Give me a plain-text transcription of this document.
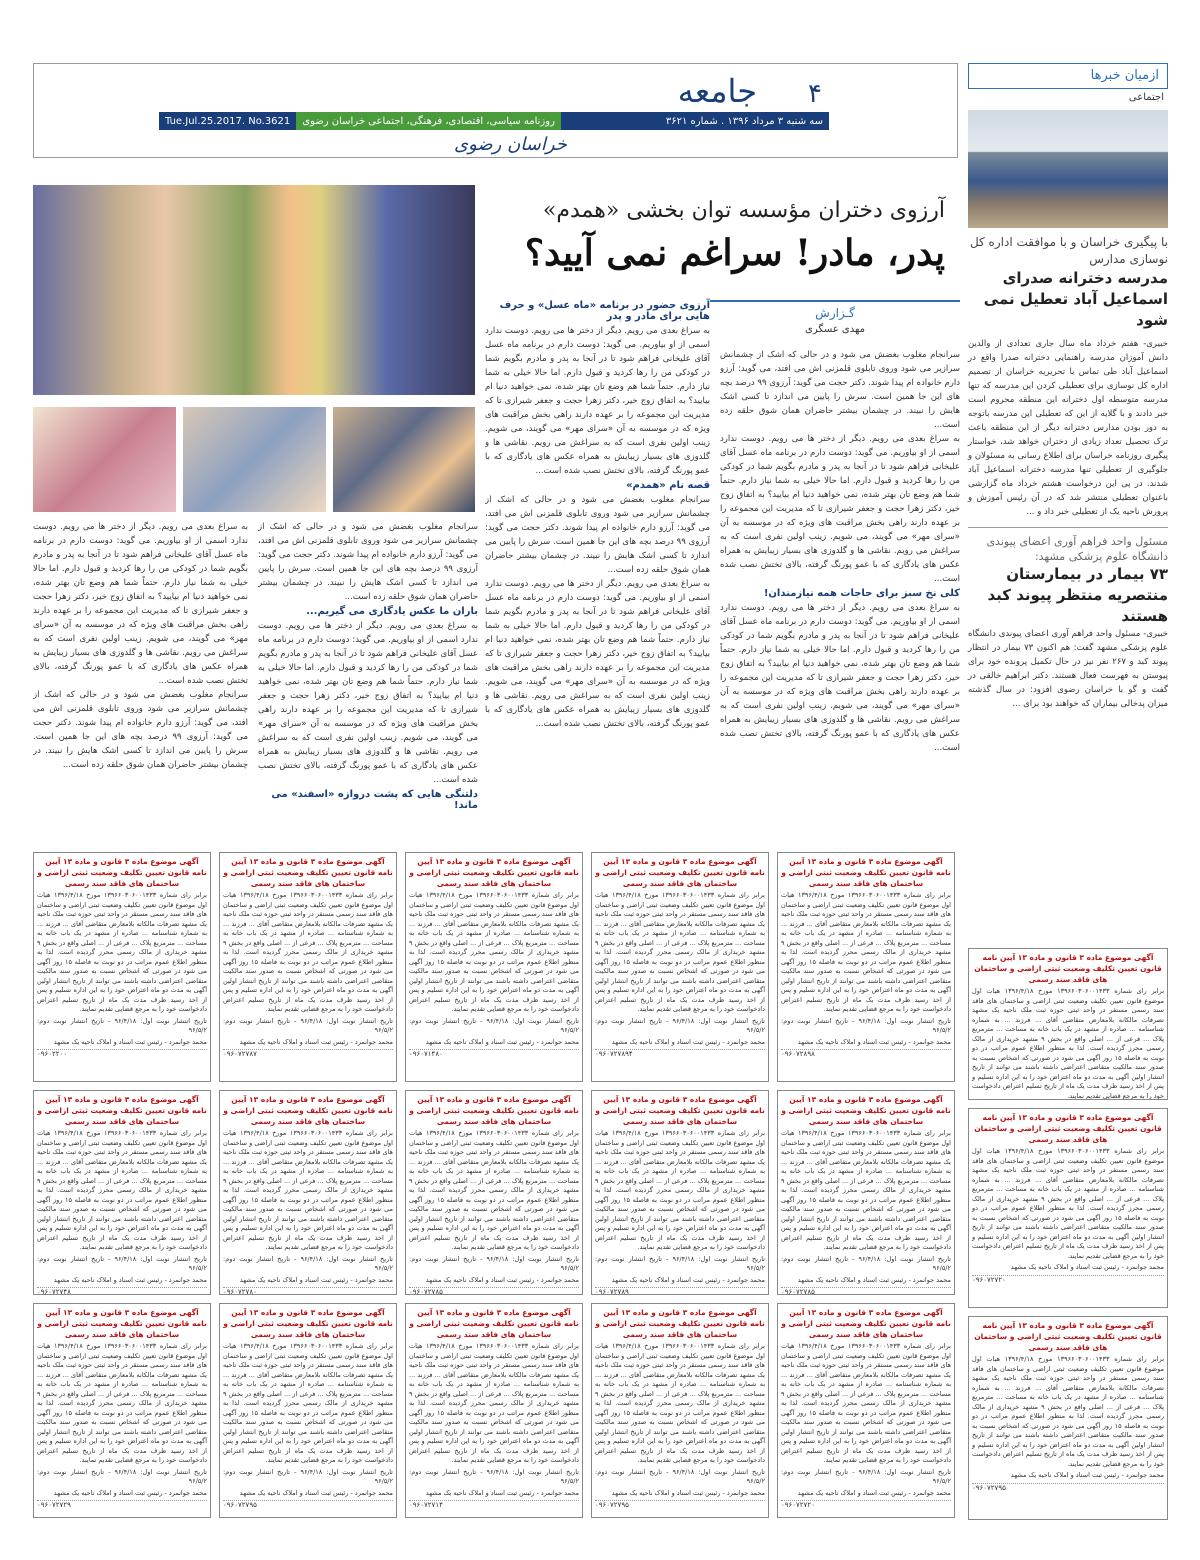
۴
جامعه
Tue.Jul.25.2017. No.3621	روزنامه سیاسی، اقتصادی، فرهنگی، اجتماعی خراسان رضوی	سه شنبه ۳ مرداد ۱۳۹۶ . شماره ۳۶۲۱
خراسان رضوی
ازمیان خبرها
اجتماعی
با پیگیری خراسان و با موافقت اداره کل نوسازی مدارس
مدرسه دخترانه صدرای اسماعیل آباد تعطیل نمی شود
خبیری- هفتم خرداد ماه سال جاری تعدادی از والدین دانش آموزان مدرسه راهنمایی دخترانه صدرا واقع در اسماعیل آباد طی تماس با تحریریه خراسان از تصمیم اداره کل نوسازی برای تعطیلی کردن این مدرسه که تنها مدرسه متوسطه اول دخترانه این منطقه محروم است خبر دادند و با گلایه از این که تعطیلی این مدرسه باتوجه به دور بودن مدارس دخترانه دیگر از این منطقه باعث ترک تحصیل تعداد زیادی از دختران خواهد شد، خواستار پیگیری روزنامه خراسان برای اطلاع رسانی به مسئولان و جلوگیری از تعطیلی تنها مدرسه دخترانه اسماعیل آباد شدند. در پی این درخواست هشتم خرداد ماه گزارشی باعنوان تعطیلی منتشر شد که در آن رئیس آموزش و پرورش ناحیه یک از تعطیلی خبر داد و ...
مسئول واحد فراهم آوری اعضای پیوندی دانشگاه علوم پزشکی مشهد:
۷۳ بیمار در بیمارستان منتصریه منتظر پیوند کبد هستند
خبیری- مسئول واحد فراهم آوری اعضای پیوندی دانشگاه علوم پزشکی مشهد گفت: هم اکنون ۷۳ بیمار در انتظار پیوند کبد و ۲۶۷ نفر نیز در حال تکمیل پرونده خود برای پیوستن به فهرست فعال هستند. دکتر ابراهیم خالقی در گفت و گو با خراسان رضوی افزود: در سال گذشته میزان پدخالی بیماران که خواهند بود برای ...
آرزوی دختران مؤسسه توان بخشی «همدم»
پدر، مادر! سراغم نمی آیید؟
گـزارش
مهدی عسگری
سرانجام مغلوب بغضش می شود و در حالی که اشک از چشمانش سرازیر می شود وروی تابلوی قلمزنی اش می افتد، می گوید: آرزو دارم خانواده ام پیدا شوند. دکتر حجت می گوید: آرزوی ۹۹ درصد بچه های این جا همین است. سرش را پایین می اندازد تا کسی اشک هایش را نبیند. در چشمان بیشتر حاضران همان شوق حلقه زده است...
به سراغ بعدی می رویم. دیگر از دختر ها می رویم. دوست ندارد اسمی از او بیاوریم. می گوید: دوست دارم در برنامه ماه عسل آقای علیخانی فراهم شود تا در آنجا به پدر و مادرم بگویم شما در کودکی من را رها کردید و قبول دارم. اما حالا خیلی به شما نیاز دارم. حتماً شما هم وضع تان بهتر شده، نمی خواهید دنیا ام بیایید؟ به اتفاق زوج خیر، دکتر زهرا حجت و جعفر شیرازی تا که مدیریت این مجموعه را بر عهده دارند راهی بخش مراقبت های ویژه که در موسسه به آن «سرای مهر» می گویند، می شویم. زینب اولین نفری است که به سراغش می رویم. نقاشی ها و گلدوزی های بسیار زیبایش به همراه عکس های یادگاری که با عمو پورنگ گرفته، بالای تختش نصب شده است...
کلی نخ سبز برای حاجات همه نیازمندان!
به سراغ بعدی می رویم. دیگر از دختر ها می رویم. دوست ندارد اسمی از او بیاوریم. می گوید: دوست دارم در برنامه ماه عسل آقای علیخانی فراهم شود تا در آنجا به پدر و مادرم بگویم شما در کودکی من را رها کردید و قبول دارم. اما حالا خیلی به شما نیاز دارم. حتماً شما هم وضع تان بهتر شده، نمی خواهید دنیا ام بیایید؟ به اتفاق زوج خیر، دکتر زهرا حجت و جعفر شیرازی تا که مدیریت این مجموعه را بر عهده دارند راهی بخش مراقبت های ویژه که در موسسه به آن «سرای مهر» می گویند، می شویم. زینب اولین نفری است که به سراغش می رویم. نقاشی ها و گلدوزی های بسیار زیبایش به همراه عکس های یادگاری که با عمو پورنگ گرفته، بالای تختش نصب شده است...
آرزوی حضور در برنامه «ماه عسل» و حرف هایی برای مادر و پدر
به سراغ بعدی می رویم. دیگر از دختر ها می رویم. دوست ندارد اسمی از او بیاوریم. می گوید: دوست دارم در برنامه ماه عسل آقای علیخانی فراهم شود تا در آنجا به پدر و مادرم بگویم شما در کودکی من را رها کردید و قبول دارم. اما حالا خیلی به شما نیاز دارم. حتماً شما هم وضع تان بهتر شده، نمی خواهید دنیا ام بیایید؟ به اتفاق زوج خیر، دکتر زهرا حجت و جعفر شیرازی تا که مدیریت این مجموعه را بر عهده دارند راهی بخش مراقبت های ویژه که در موسسه به آن «سرای مهر» می گویند، می شویم. زینب اولین نفری است که به سراغش می رویم. نقاشی ها و گلدوزی های بسیار زیبایش به همراه عکس های یادگاری که با عمو پورنگ گرفته، بالای تختش نصب شده است...
قصه نام «همدم»
سرانجام مغلوب بغضش می شود و در حالی که اشک از چشمانش سرازیر می شود وروی تابلوی قلمزنی اش می افتد، می گوید: آرزو دارم خانواده ام پیدا شوند. دکتر حجت می گوید: آرزوی ۹۹ درصد بچه های این جا همین است. سرش را پایین می اندازد تا کسی اشک هایش را نبیند. در چشمان بیشتر حاضران همان شوق حلقه زده است...
به سراغ بعدی می رویم. دیگر از دختر ها می رویم. دوست ندارد اسمی از او بیاوریم. می گوید: دوست دارم در برنامه ماه عسل آقای علیخانی فراهم شود تا در آنجا به پدر و مادرم بگویم شما در کودکی من را رها کردید و قبول دارم. اما حالا خیلی به شما نیاز دارم. حتماً شما هم وضع تان بهتر شده، نمی خواهید دنیا ام بیایید؟ به اتفاق زوج خیر، دکتر زهرا حجت و جعفر شیرازی تا که مدیریت این مجموعه را بر عهده دارند راهی بخش مراقبت های ویژه که در موسسه به آن «سرای مهر» می گویند، می شویم. زینب اولین نفری است که به سراغش می رویم. نقاشی ها و گلدوزی های بسیار زیبایش به همراه عکس های یادگاری که با عمو پورنگ گرفته، بالای تختش نصب شده است...
سرانجام مغلوب بغضش می شود و در حالی که اشک از چشمانش سرازیر می شود وروی تابلوی قلمزنی اش می افتد، می گوید: آرزو دارم خانواده ام پیدا شوند. دکتر حجت می گوید: آرزوی ۹۹ درصد بچه های این جا همین است. سرش را پایین می اندازد تا کسی اشک هایش را نبیند. در چشمان بیشتر حاضران همان شوق حلقه زده است...
باران ما عکس یادگاری می گیریم...
به سراغ بعدی می رویم. دیگر از دختر ها می رویم. دوست ندارد اسمی از او بیاوریم. می گوید: دوست دارم در برنامه ماه عسل آقای علیخانی فراهم شود تا در آنجا به پدر و مادرم بگویم شما در کودکی من را رها کردید و قبول دارم. اما حالا خیلی به شما نیاز دارم. حتماً شما هم وضع تان بهتر شده، نمی خواهید دنیا ام بیایید؟ به اتفاق زوج خیر، دکتر زهرا حجت و جعفر شیرازی تا که مدیریت این مجموعه را بر عهده دارند راهی بخش مراقبت های ویژه که در موسسه به آن «سرای مهر» می گویند، می شویم. زینب اولین نفری است که به سراغش می رویم. نقاشی ها و گلدوزی های بسیار زیبایش به همراه عکس های یادگاری که با عمو پورنگ گرفته، بالای تختش نصب شده است...
دلتنگی هایی که پشت دروازه «اسفند» می ماند!
به سراغ بعدی می رویم. دیگر از دختر ها می رویم. دوست ندارد اسمی از او بیاوریم. می گوید: دوست دارم در برنامه ماه عسل آقای علیخانی فراهم شود تا در آنجا به پدر و مادرم بگویم شما در کودکی من را رها کردید و قبول دارم. اما حالا خیلی به شما نیاز دارم. حتماً شما هم وضع تان بهتر شده، نمی خواهید دنیا ام بیایید؟ به اتفاق زوج خیر، دکتر زهرا حجت و جعفر شیرازی تا که مدیریت این مجموعه را بر عهده دارند راهی بخش مراقبت های ویژه که در موسسه به آن «سرای مهر» می گویند، می شویم. زینب اولین نفری است که به سراغش می رویم. نقاشی ها و گلدوزی های بسیار زیبایش به همراه عکس های یادگاری که با عمو پورنگ گرفته، بالای تختش نصب شده است...
سرانجام مغلوب بغضش می شود و در حالی که اشک از چشمانش سرازیر می شود وروی تابلوی قلمزنی اش می افتد، می گوید: آرزو دارم خانواده ام پیدا شوند. دکتر حجت می گوید: آرزوی ۹۹ درصد بچه های این جا همین است. سرش را پایین می اندازد تا کسی اشک هایش را نبیند. در چشمان بیشتر حاضران همان شوق حلقه زده است...
آگهی موضوع ماده ۳ قانون و ماده ۱۳ آیین نامه قانون تعیین تکلیف وضعیت ثبتی اراضی و ساختمان های فاقد سند رسمی
برابر رای شماره ۱۳۹۶۶۰۳۰۶۰۰۱۴۳۳ مورخ ۱۳۹۶/۴/۱۸ هیات اول موضوع قانون تعیین تکلیف وضعیت ثبتی اراضی و ساختمان های فاقد سند رسمی مستقر در واحد ثبتی حوزه ثبت ملک ناحیه یک مشهد تصرفات مالکانه بلامعارض متقاضی آقای ... فرزند ... به شماره شناسنامه ... صادره از مشهد در یک باب خانه به مساحت ... مترمربع پلاک ... فرعی از ... اصلی واقع در بخش ۹ مشهد خریداری از مالک رسمی محرز گردیده است. لذا به منظور اطلاع عموم مراتب در دو نوبت به فاصله ۱۵ روز آگهی می شود در صورتی که اشخاص نسبت به صدور سند مالکیت متقاضی اعتراضی داشته باشند می توانند از تاریخ انتشار اولین آگهی به مدت دو ماه اعتراض خود را به این اداره تسلیم و پس از اخذ رسید ظرف مدت یک ماه از تاریخ تسلیم اعتراض دادخواست خود را به مرجع قضایی تقدیم نمایند.
تاریخ انتشار نوبت اول: ۹۶/۴/۱۸ - تاریخ انتشار نوبت دوم: ۹۶/۵/۲
محمد جوانمرد - رئیس ثبت اسناد و املاک ناحیه یک مشهد
۰۹۶۰۲۲۰۰
آگهی موضوع ماده ۳ قانون و ماده ۱۳ آیین نامه قانون تعیین تکلیف وضعیت ثبتی اراضی و ساختمان های فاقد سند رسمی
برابر رای شماره ۱۳۹۶۶۰۳۰۶۰۰۱۴۳۳ مورخ ۱۳۹۶/۴/۱۸ هیات اول موضوع قانون تعیین تکلیف وضعیت ثبتی اراضی و ساختمان های فاقد سند رسمی مستقر در واحد ثبتی حوزه ثبت ملک ناحیه یک مشهد تصرفات مالکانه بلامعارض متقاضی آقای ... فرزند ... به شماره شناسنامه ... صادره از مشهد در یک باب خانه به مساحت ... مترمربع پلاک ... فرعی از ... اصلی واقع در بخش ۹ مشهد خریداری از مالک رسمی محرز گردیده است. لذا به منظور اطلاع عموم مراتب در دو نوبت به فاصله ۱۵ روز آگهی می شود در صورتی که اشخاص نسبت به صدور سند مالکیت متقاضی اعتراضی داشته باشند می توانند از تاریخ انتشار اولین آگهی به مدت دو ماه اعتراض خود را به این اداره تسلیم و پس از اخذ رسید ظرف مدت یک ماه از تاریخ تسلیم اعتراض دادخواست خود را به مرجع قضایی تقدیم نمایند.
تاریخ انتشار نوبت اول: ۹۶/۴/۱۸ - تاریخ انتشار نوبت دوم: ۹۶/۵/۲
محمد جوانمرد - رئیس ثبت اسناد و املاک ناحیه یک مشهد
۰۹۶۰۷۲۷۸۷
آگهی موضوع ماده ۳ قانون و ماده ۱۳ آیین نامه قانون تعیین تکلیف وضعیت ثبتی اراضی و ساختمان های فاقد سند رسمی
برابر رای شماره ۱۳۹۶۶۰۳۰۶۰۰۱۴۳۳ مورخ ۱۳۹۶/۴/۱۸ هیات اول موضوع قانون تعیین تکلیف وضعیت ثبتی اراضی و ساختمان های فاقد سند رسمی مستقر در واحد ثبتی حوزه ثبت ملک ناحیه یک مشهد تصرفات مالکانه بلامعارض متقاضی آقای ... فرزند ... به شماره شناسنامه ... صادره از مشهد در یک باب خانه به مساحت ... مترمربع پلاک ... فرعی از ... اصلی واقع در بخش ۹ مشهد خریداری از مالک رسمی محرز گردیده است. لذا به منظور اطلاع عموم مراتب در دو نوبت به فاصله ۱۵ روز آگهی می شود در صورتی که اشخاص نسبت به صدور سند مالکیت متقاضی اعتراضی داشته باشند می توانند از تاریخ انتشار اولین آگهی به مدت دو ماه اعتراض خود را به این اداره تسلیم و پس از اخذ رسید ظرف مدت یک ماه از تاریخ تسلیم اعتراض دادخواست خود را به مرجع قضایی تقدیم نمایند.
تاریخ انتشار نوبت اول: ۹۶/۴/۱۸ - تاریخ انتشار نوبت دوم: ۹۶/۵/۲
محمد جوانمرد - رئیس ثبت اسناد و املاک ناحیه یک مشهد
۰۹۶۰۷۱۴۸۰
آگهی موضوع ماده ۳ قانون و ماده ۱۳ آیین نامه قانون تعیین تکلیف وضعیت ثبتی اراضی و ساختمان های فاقد سند رسمی
برابر رای شماره ۱۳۹۶۶۰۳۰۶۰۰۱۴۳۳ مورخ ۱۳۹۶/۴/۱۸ هیات اول موضوع قانون تعیین تکلیف وضعیت ثبتی اراضی و ساختمان های فاقد سند رسمی مستقر در واحد ثبتی حوزه ثبت ملک ناحیه یک مشهد تصرفات مالکانه بلامعارض متقاضی آقای ... فرزند ... به شماره شناسنامه ... صادره از مشهد در یک باب خانه به مساحت ... مترمربع پلاک ... فرعی از ... اصلی واقع در بخش ۹ مشهد خریداری از مالک رسمی محرز گردیده است. لذا به منظور اطلاع عموم مراتب در دو نوبت به فاصله ۱۵ روز آگهی می شود در صورتی که اشخاص نسبت به صدور سند مالکیت متقاضی اعتراضی داشته باشند می توانند از تاریخ انتشار اولین آگهی به مدت دو ماه اعتراض خود را به این اداره تسلیم و پس از اخذ رسید ظرف مدت یک ماه از تاریخ تسلیم اعتراض دادخواست خود را به مرجع قضایی تقدیم نمایند.
تاریخ انتشار نوبت اول: ۹۶/۴/۱۸ - تاریخ انتشار نوبت دوم: ۹۶/۵/۲
محمد جوانمرد - رئیس ثبت اسناد و املاک ناحیه یک مشهد
۰۹۶۰۷۲۷۸۹۴
آگهی موضوع ماده ۳ قانون و ماده ۱۳ آیین نامه قانون تعیین تکلیف وضعیت ثبتی اراضی و ساختمان های فاقد سند رسمی
برابر رای شماره ۱۳۹۶۶۰۳۰۶۰۰۱۴۳۳ مورخ ۱۳۹۶/۴/۱۸ هیات اول موضوع قانون تعیین تکلیف وضعیت ثبتی اراضی و ساختمان های فاقد سند رسمی مستقر در واحد ثبتی حوزه ثبت ملک ناحیه یک مشهد تصرفات مالکانه بلامعارض متقاضی آقای ... فرزند ... به شماره شناسنامه ... صادره از مشهد در یک باب خانه به مساحت ... مترمربع پلاک ... فرعی از ... اصلی واقع در بخش ۹ مشهد خریداری از مالک رسمی محرز گردیده است. لذا به منظور اطلاع عموم مراتب در دو نوبت به فاصله ۱۵ روز آگهی می شود در صورتی که اشخاص نسبت به صدور سند مالکیت متقاضی اعتراضی داشته باشند می توانند از تاریخ انتشار اولین آگهی به مدت دو ماه اعتراض خود را به این اداره تسلیم و پس از اخذ رسید ظرف مدت یک ماه از تاریخ تسلیم اعتراض دادخواست خود را به مرجع قضایی تقدیم نمایند.
تاریخ انتشار نوبت اول: ۹۶/۴/۱۸ - تاریخ انتشار نوبت دوم: ۹۶/۵/۲
محمد جوانمرد - رئیس ثبت اسناد و املاک ناحیه یک مشهد
۰۹۶۰۷۲۸۹۸
آگهی موضوع ماده ۳ قانون و ماده ۱۳ آیین نامه قانون تعیین تکلیف وضعیت ثبتی اراضی و ساختمان های فاقد سند رسمی
برابر رای شماره ۱۳۹۶۶۰۳۰۶۰۰۱۴۳۳ مورخ ۱۳۹۶/۴/۱۸ هیات اول موضوع قانون تعیین تکلیف وضعیت ثبتی اراضی و ساختمان های فاقد سند رسمی مستقر در واحد ثبتی حوزه ثبت ملک ناحیه یک مشهد تصرفات مالکانه بلامعارض متقاضی آقای ... فرزند ... به شماره شناسنامه ... صادره از مشهد در یک باب خانه به مساحت ... مترمربع پلاک ... فرعی از ... اصلی واقع در بخش ۹ مشهد خریداری از مالک رسمی محرز گردیده است. لذا به منظور اطلاع عموم مراتب در دو نوبت به فاصله ۱۵ روز آگهی می شود در صورتی که اشخاص نسبت به صدور سند مالکیت متقاضی اعتراضی داشته باشند می توانند از تاریخ انتشار اولین آگهی به مدت دو ماه اعتراض خود را به این اداره تسلیم و پس از اخذ رسید ظرف مدت یک ماه از تاریخ تسلیم اعتراض دادخواست خود را به مرجع قضایی تقدیم نمایند.
تاریخ انتشار نوبت اول: ۹۶/۴/۱۸ - تاریخ انتشار نوبت دوم: ۹۶/۵/۲
محمد جوانمرد - رئیس ثبت اسناد و املاک ناحیه یک مشهد
۰۹۶۰۷۲۷۴۸
آگهی موضوع ماده ۳ قانون و ماده ۱۳ آیین نامه قانون تعیین تکلیف وضعیت ثبتی اراضی و ساختمان های فاقد سند رسمی
برابر رای شماره ۱۳۹۶۶۰۳۰۶۰۰۱۴۳۳ مورخ ۱۳۹۶/۴/۱۸ هیات اول موضوع قانون تعیین تکلیف وضعیت ثبتی اراضی و ساختمان های فاقد سند رسمی مستقر در واحد ثبتی حوزه ثبت ملک ناحیه یک مشهد تصرفات مالکانه بلامعارض متقاضی آقای ... فرزند ... به شماره شناسنامه ... صادره از مشهد در یک باب خانه به مساحت ... مترمربع پلاک ... فرعی از ... اصلی واقع در بخش ۹ مشهد خریداری از مالک رسمی محرز گردیده است. لذا به منظور اطلاع عموم مراتب در دو نوبت به فاصله ۱۵ روز آگهی می شود در صورتی که اشخاص نسبت به صدور سند مالکیت متقاضی اعتراضی داشته باشند می توانند از تاریخ انتشار اولین آگهی به مدت دو ماه اعتراض خود را به این اداره تسلیم و پس از اخذ رسید ظرف مدت یک ماه از تاریخ تسلیم اعتراض دادخواست خود را به مرجع قضایی تقدیم نمایند.
تاریخ انتشار نوبت اول: ۹۶/۴/۱۸ - تاریخ انتشار نوبت دوم: ۹۶/۵/۲
محمد جوانمرد - رئیس ثبت اسناد و املاک ناحیه یک مشهد
۰۹۶۰۷۲۷۸۰
آگهی موضوع ماده ۳ قانون و ماده ۱۳ آیین نامه قانون تعیین تکلیف وضعیت ثبتی اراضی و ساختمان های فاقد سند رسمی
برابر رای شماره ۱۳۹۶۶۰۳۰۶۰۰۱۴۳۳ مورخ ۱۳۹۶/۴/۱۸ هیات اول موضوع قانون تعیین تکلیف وضعیت ثبتی اراضی و ساختمان های فاقد سند رسمی مستقر در واحد ثبتی حوزه ثبت ملک ناحیه یک مشهد تصرفات مالکانه بلامعارض متقاضی آقای ... فرزند ... به شماره شناسنامه ... صادره از مشهد در یک باب خانه به مساحت ... مترمربع پلاک ... فرعی از ... اصلی واقع در بخش ۹ مشهد خریداری از مالک رسمی محرز گردیده است. لذا به منظور اطلاع عموم مراتب در دو نوبت به فاصله ۱۵ روز آگهی می شود در صورتی که اشخاص نسبت به صدور سند مالکیت متقاضی اعتراضی داشته باشند می توانند از تاریخ انتشار اولین آگهی به مدت دو ماه اعتراض خود را به این اداره تسلیم و پس از اخذ رسید ظرف مدت یک ماه از تاریخ تسلیم اعتراض دادخواست خود را به مرجع قضایی تقدیم نمایند.
تاریخ انتشار نوبت اول: ۹۶/۴/۱۸ - تاریخ انتشار نوبت دوم: ۹۶/۵/۲
محمد جوانمرد - رئیس ثبت اسناد و املاک ناحیه یک مشهد
۰۹۶۰۷۲۷۸۵
آگهی موضوع ماده ۳ قانون و ماده ۱۳ آیین نامه قانون تعیین تکلیف وضعیت ثبتی اراضی و ساختمان های فاقد سند رسمی
برابر رای شماره ۱۳۹۶۶۰۳۰۶۰۰۱۴۳۳ مورخ ۱۳۹۶/۴/۱۸ هیات اول موضوع قانون تعیین تکلیف وضعیت ثبتی اراضی و ساختمان های فاقد سند رسمی مستقر در واحد ثبتی حوزه ثبت ملک ناحیه یک مشهد تصرفات مالکانه بلامعارض متقاضی آقای ... فرزند ... به شماره شناسنامه ... صادره از مشهد در یک باب خانه به مساحت ... مترمربع پلاک ... فرعی از ... اصلی واقع در بخش ۹ مشهد خریداری از مالک رسمی محرز گردیده است. لذا به منظور اطلاع عموم مراتب در دو نوبت به فاصله ۱۵ روز آگهی می شود در صورتی که اشخاص نسبت به صدور سند مالکیت متقاضی اعتراضی داشته باشند می توانند از تاریخ انتشار اولین آگهی به مدت دو ماه اعتراض خود را به این اداره تسلیم و پس از اخذ رسید ظرف مدت یک ماه از تاریخ تسلیم اعتراض دادخواست خود را به مرجع قضایی تقدیم نمایند.
تاریخ انتشار نوبت اول: ۹۶/۴/۱۸ - تاریخ انتشار نوبت دوم: ۹۶/۵/۲
محمد جوانمرد - رئیس ثبت اسناد و املاک ناحیه یک مشهد
۰۹۶۰۷۲۷۸۹
آگهی موضوع ماده ۳ قانون و ماده ۱۳ آیین نامه قانون تعیین تکلیف وضعیت ثبتی اراضی و ساختمان های فاقد سند رسمی
برابر رای شماره ۱۳۹۶۶۰۳۰۶۰۰۱۴۳۳ مورخ ۱۳۹۶/۴/۱۸ هیات اول موضوع قانون تعیین تکلیف وضعیت ثبتی اراضی و ساختمان های فاقد سند رسمی مستقر در واحد ثبتی حوزه ثبت ملک ناحیه یک مشهد تصرفات مالکانه بلامعارض متقاضی آقای ... فرزند ... به شماره شناسنامه ... صادره از مشهد در یک باب خانه به مساحت ... مترمربع پلاک ... فرعی از ... اصلی واقع در بخش ۹ مشهد خریداری از مالک رسمی محرز گردیده است. لذا به منظور اطلاع عموم مراتب در دو نوبت به فاصله ۱۵ روز آگهی می شود در صورتی که اشخاص نسبت به صدور سند مالکیت متقاضی اعتراضی داشته باشند می توانند از تاریخ انتشار اولین آگهی به مدت دو ماه اعتراض خود را به این اداره تسلیم و پس از اخذ رسید ظرف مدت یک ماه از تاریخ تسلیم اعتراض دادخواست خود را به مرجع قضایی تقدیم نمایند.
تاریخ انتشار نوبت اول: ۹۶/۴/۱۸ - تاریخ انتشار نوبت دوم: ۹۶/۵/۲
محمد جوانمرد - رئیس ثبت اسناد و املاک ناحیه یک مشهد
۰۹۶۰۷۲۷۸۵
آگهی موضوع ماده ۳ قانون و ماده ۱۳ آیین نامه قانون تعیین تکلیف وضعیت ثبتی اراضی و ساختمان های فاقد سند رسمی
برابر رای شماره ۱۳۹۶۶۰۳۰۶۰۰۱۴۳۳ مورخ ۱۳۹۶/۴/۱۸ هیات اول موضوع قانون تعیین تکلیف وضعیت ثبتی اراضی و ساختمان های فاقد سند رسمی مستقر در واحد ثبتی حوزه ثبت ملک ناحیه یک مشهد تصرفات مالکانه بلامعارض متقاضی آقای ... فرزند ... به شماره شناسنامه ... صادره از مشهد در یک باب خانه به مساحت ... مترمربع پلاک ... فرعی از ... اصلی واقع در بخش ۹ مشهد خریداری از مالک رسمی محرز گردیده است. لذا به منظور اطلاع عموم مراتب در دو نوبت به فاصله ۱۵ روز آگهی می شود در صورتی که اشخاص نسبت به صدور سند مالکیت متقاضی اعتراضی داشته باشند می توانند از تاریخ انتشار اولین آگهی به مدت دو ماه اعتراض خود را به این اداره تسلیم و پس از اخذ رسید ظرف مدت یک ماه از تاریخ تسلیم اعتراض دادخواست خود را به مرجع قضایی تقدیم نمایند.
تاریخ انتشار نوبت اول: ۹۶/۴/۱۸ - تاریخ انتشار نوبت دوم: ۹۶/۵/۲
محمد جوانمرد - رئیس ثبت اسناد و املاک ناحیه یک مشهد
۰۹۶۰۷۲۷۲۹
آگهی موضوع ماده ۳ قانون و ماده ۱۳ آیین نامه قانون تعیین تکلیف وضعیت ثبتی اراضی و ساختمان های فاقد سند رسمی
برابر رای شماره ۱۳۹۶۶۰۳۰۶۰۰۱۴۳۳ مورخ ۱۳۹۶/۴/۱۸ هیات اول موضوع قانون تعیین تکلیف وضعیت ثبتی اراضی و ساختمان های فاقد سند رسمی مستقر در واحد ثبتی حوزه ثبت ملک ناحیه یک مشهد تصرفات مالکانه بلامعارض متقاضی آقای ... فرزند ... به شماره شناسنامه ... صادره از مشهد در یک باب خانه به مساحت ... مترمربع پلاک ... فرعی از ... اصلی واقع در بخش ۹ مشهد خریداری از مالک رسمی محرز گردیده است. لذا به منظور اطلاع عموم مراتب در دو نوبت به فاصله ۱۵ روز آگهی می شود در صورتی که اشخاص نسبت به صدور سند مالکیت متقاضی اعتراضی داشته باشند می توانند از تاریخ انتشار اولین آگهی به مدت دو ماه اعتراض خود را به این اداره تسلیم و پس از اخذ رسید ظرف مدت یک ماه از تاریخ تسلیم اعتراض دادخواست خود را به مرجع قضایی تقدیم نمایند.
تاریخ انتشار نوبت اول: ۹۶/۴/۱۸ - تاریخ انتشار نوبت دوم: ۹۶/۵/۲
محمد جوانمرد - رئیس ثبت اسناد و املاک ناحیه یک مشهد
۰۹۶۰۷۲۷۹۵
آگهی موضوع ماده ۳ قانون و ماده ۱۳ آیین نامه قانون تعیین تکلیف وضعیت ثبتی اراضی و ساختمان های فاقد سند رسمی
برابر رای شماره ۱۳۹۶۶۰۳۰۶۰۰۱۴۳۳ مورخ ۱۳۹۶/۴/۱۸ هیات اول موضوع قانون تعیین تکلیف وضعیت ثبتی اراضی و ساختمان های فاقد سند رسمی مستقر در واحد ثبتی حوزه ثبت ملک ناحیه یک مشهد تصرفات مالکانه بلامعارض متقاضی آقای ... فرزند ... به شماره شناسنامه ... صادره از مشهد در یک باب خانه به مساحت ... مترمربع پلاک ... فرعی از ... اصلی واقع در بخش ۹ مشهد خریداری از مالک رسمی محرز گردیده است. لذا به منظور اطلاع عموم مراتب در دو نوبت به فاصله ۱۵ روز آگهی می شود در صورتی که اشخاص نسبت به صدور سند مالکیت متقاضی اعتراضی داشته باشند می توانند از تاریخ انتشار اولین آگهی به مدت دو ماه اعتراض خود را به این اداره تسلیم و پس از اخذ رسید ظرف مدت یک ماه از تاریخ تسلیم اعتراض دادخواست خود را به مرجع قضایی تقدیم نمایند.
تاریخ انتشار نوبت اول: ۹۶/۴/۱۸ - تاریخ انتشار نوبت دوم: ۹۶/۵/۲
محمد جوانمرد - رئیس ثبت اسناد و املاک ناحیه یک مشهد
۰۹۶۰۷۲۷۱۴
آگهی موضوع ماده ۳ قانون و ماده ۱۳ آیین نامه قانون تعیین تکلیف وضعیت ثبتی اراضی و ساختمان های فاقد سند رسمی
برابر رای شماره ۱۳۹۶۶۰۳۰۶۰۰۱۴۳۳ مورخ ۱۳۹۶/۴/۱۸ هیات اول موضوع قانون تعیین تکلیف وضعیت ثبتی اراضی و ساختمان های فاقد سند رسمی مستقر در واحد ثبتی حوزه ثبت ملک ناحیه یک مشهد تصرفات مالکانه بلامعارض متقاضی آقای ... فرزند ... به شماره شناسنامه ... صادره از مشهد در یک باب خانه به مساحت ... مترمربع پلاک ... فرعی از ... اصلی واقع در بخش ۹ مشهد خریداری از مالک رسمی محرز گردیده است. لذا به منظور اطلاع عموم مراتب در دو نوبت به فاصله ۱۵ روز آگهی می شود در صورتی که اشخاص نسبت به صدور سند مالکیت متقاضی اعتراضی داشته باشند می توانند از تاریخ انتشار اولین آگهی به مدت دو ماه اعتراض خود را به این اداره تسلیم و پس از اخذ رسید ظرف مدت یک ماه از تاریخ تسلیم اعتراض دادخواست خود را به مرجع قضایی تقدیم نمایند.
تاریخ انتشار نوبت اول: ۹۶/۴/۱۸ - تاریخ انتشار نوبت دوم: ۹۶/۵/۲
محمد جوانمرد - رئیس ثبت اسناد و املاک ناحیه یک مشهد
۰۹۶۰۷۲۷۹۵
آگهی موضوع ماده ۳ قانون و ماده ۱۳ آیین نامه قانون تعیین تکلیف وضعیت ثبتی اراضی و ساختمان های فاقد سند رسمی
برابر رای شماره ۱۳۹۶۶۰۳۰۶۰۰۱۴۳۳ مورخ ۱۳۹۶/۴/۱۸ هیات اول موضوع قانون تعیین تکلیف وضعیت ثبتی اراضی و ساختمان های فاقد سند رسمی مستقر در واحد ثبتی حوزه ثبت ملک ناحیه یک مشهد تصرفات مالکانه بلامعارض متقاضی آقای ... فرزند ... به شماره شناسنامه ... صادره از مشهد در یک باب خانه به مساحت ... مترمربع پلاک ... فرعی از ... اصلی واقع در بخش ۹ مشهد خریداری از مالک رسمی محرز گردیده است. لذا به منظور اطلاع عموم مراتب در دو نوبت به فاصله ۱۵ روز آگهی می شود در صورتی که اشخاص نسبت به صدور سند مالکیت متقاضی اعتراضی داشته باشند می توانند از تاریخ انتشار اولین آگهی به مدت دو ماه اعتراض خود را به این اداره تسلیم و پس از اخذ رسید ظرف مدت یک ماه از تاریخ تسلیم اعتراض دادخواست خود را به مرجع قضایی تقدیم نمایند.
تاریخ انتشار نوبت اول: ۹۶/۴/۱۸ - تاریخ انتشار نوبت دوم: ۹۶/۵/۲
محمد جوانمرد - رئیس ثبت اسناد و املاک ناحیه یک مشهد
۰۹۶۰۷۲۷۲۰
آگهی موضوع ماده ۳ قانون و ماده ۱۳ آیین نامه قانون تعیین تکلیف وضعیت ثبتی اراضی و ساختمان های فاقد سند رسمی
برابر رای شماره ۱۳۹۶۶۰۳۰۶۰۰۱۴۳۳ مورخ ۱۳۹۶/۴/۱۸ هیات اول موضوع قانون تعیین تکلیف وضعیت ثبتی اراضی و ساختمان های فاقد سند رسمی مستقر در واحد ثبتی حوزه ثبت ملک ناحیه یک مشهد تصرفات مالکانه بلامعارض متقاضی آقای ... فرزند ... به شماره شناسنامه ... صادره از مشهد در یک باب خانه به مساحت ... مترمربع پلاک ... فرعی از ... اصلی واقع در بخش ۹ مشهد خریداری از مالک رسمی محرز گردیده است. لذا به منظور اطلاع عموم مراتب در دو نوبت به فاصله ۱۵ روز آگهی می شود در صورتی که اشخاص نسبت به صدور سند مالکیت متقاضی اعتراضی داشته باشند می توانند از تاریخ انتشار اولین آگهی به مدت دو ماه اعتراض خود را به این اداره تسلیم و پس از اخذ رسید ظرف مدت یک ماه از تاریخ تسلیم اعتراض دادخواست خود را به مرجع قضایی تقدیم نمایند.
آگهی موضوع ماده ۳ قانون و ماده ۱۳ آیین نامه قانون تعیین تکلیف وضعیت ثبتی اراضی و ساختمان های فاقد سند رسمی
برابر رای شماره ۱۳۹۶۶۰۳۰۶۰۰۱۴۳۳ مورخ ۱۳۹۶/۴/۱۸ هیات اول موضوع قانون تعیین تکلیف وضعیت ثبتی اراضی و ساختمان های فاقد سند رسمی مستقر در واحد ثبتی حوزه ثبت ملک ناحیه یک مشهد تصرفات مالکانه بلامعارض متقاضی آقای ... فرزند ... به شماره شناسنامه ... صادره از مشهد در یک باب خانه به مساحت ... مترمربع پلاک ... فرعی از ... اصلی واقع در بخش ۹ مشهد خریداری از مالک رسمی محرز گردیده است. لذا به منظور اطلاع عموم مراتب در دو نوبت به فاصله ۱۵ روز آگهی می شود در صورتی که اشخاص نسبت به صدور سند مالکیت متقاضی اعتراضی داشته باشند می توانند از تاریخ انتشار اولین آگهی به مدت دو ماه اعتراض خود را به این اداره تسلیم و پس از اخذ رسید ظرف مدت یک ماه از تاریخ تسلیم اعتراض دادخواست خود را به مرجع قضایی تقدیم نمایند.
محمد جوانمرد - رئیس ثبت اسناد و املاک ناحیه یک مشهد
۰۹۶۰۷۲۷۲۰
آگهی موضوع ماده ۳ قانون و ماده ۱۳ آیین نامه قانون تعیین تکلیف وضعیت ثبتی اراضی و ساختمان های فاقد سند رسمی
برابر رای شماره ۱۳۹۶۶۰۳۰۶۰۰۱۴۳۳ مورخ ۱۳۹۶/۴/۱۸ هیات اول موضوع قانون تعیین تکلیف وضعیت ثبتی اراضی و ساختمان های فاقد سند رسمی مستقر در واحد ثبتی حوزه ثبت ملک ناحیه یک مشهد تصرفات مالکانه بلامعارض متقاضی آقای ... فرزند ... به شماره شناسنامه ... صادره از مشهد در یک باب خانه به مساحت ... مترمربع پلاک ... فرعی از ... اصلی واقع در بخش ۹ مشهد خریداری از مالک رسمی محرز گردیده است. لذا به منظور اطلاع عموم مراتب در دو نوبت به فاصله ۱۵ روز آگهی می شود در صورتی که اشخاص نسبت به صدور سند مالکیت متقاضی اعتراضی داشته باشند می توانند از تاریخ انتشار اولین آگهی به مدت دو ماه اعتراض خود را به این اداره تسلیم و پس از اخذ رسید ظرف مدت یک ماه از تاریخ تسلیم اعتراض دادخواست خود را به مرجع قضایی تقدیم نمایند.
محمد جوانمرد - رئیس ثبت اسناد و املاک ناحیه یک مشهد
۰۹۶۰۷۲۷۹۵
